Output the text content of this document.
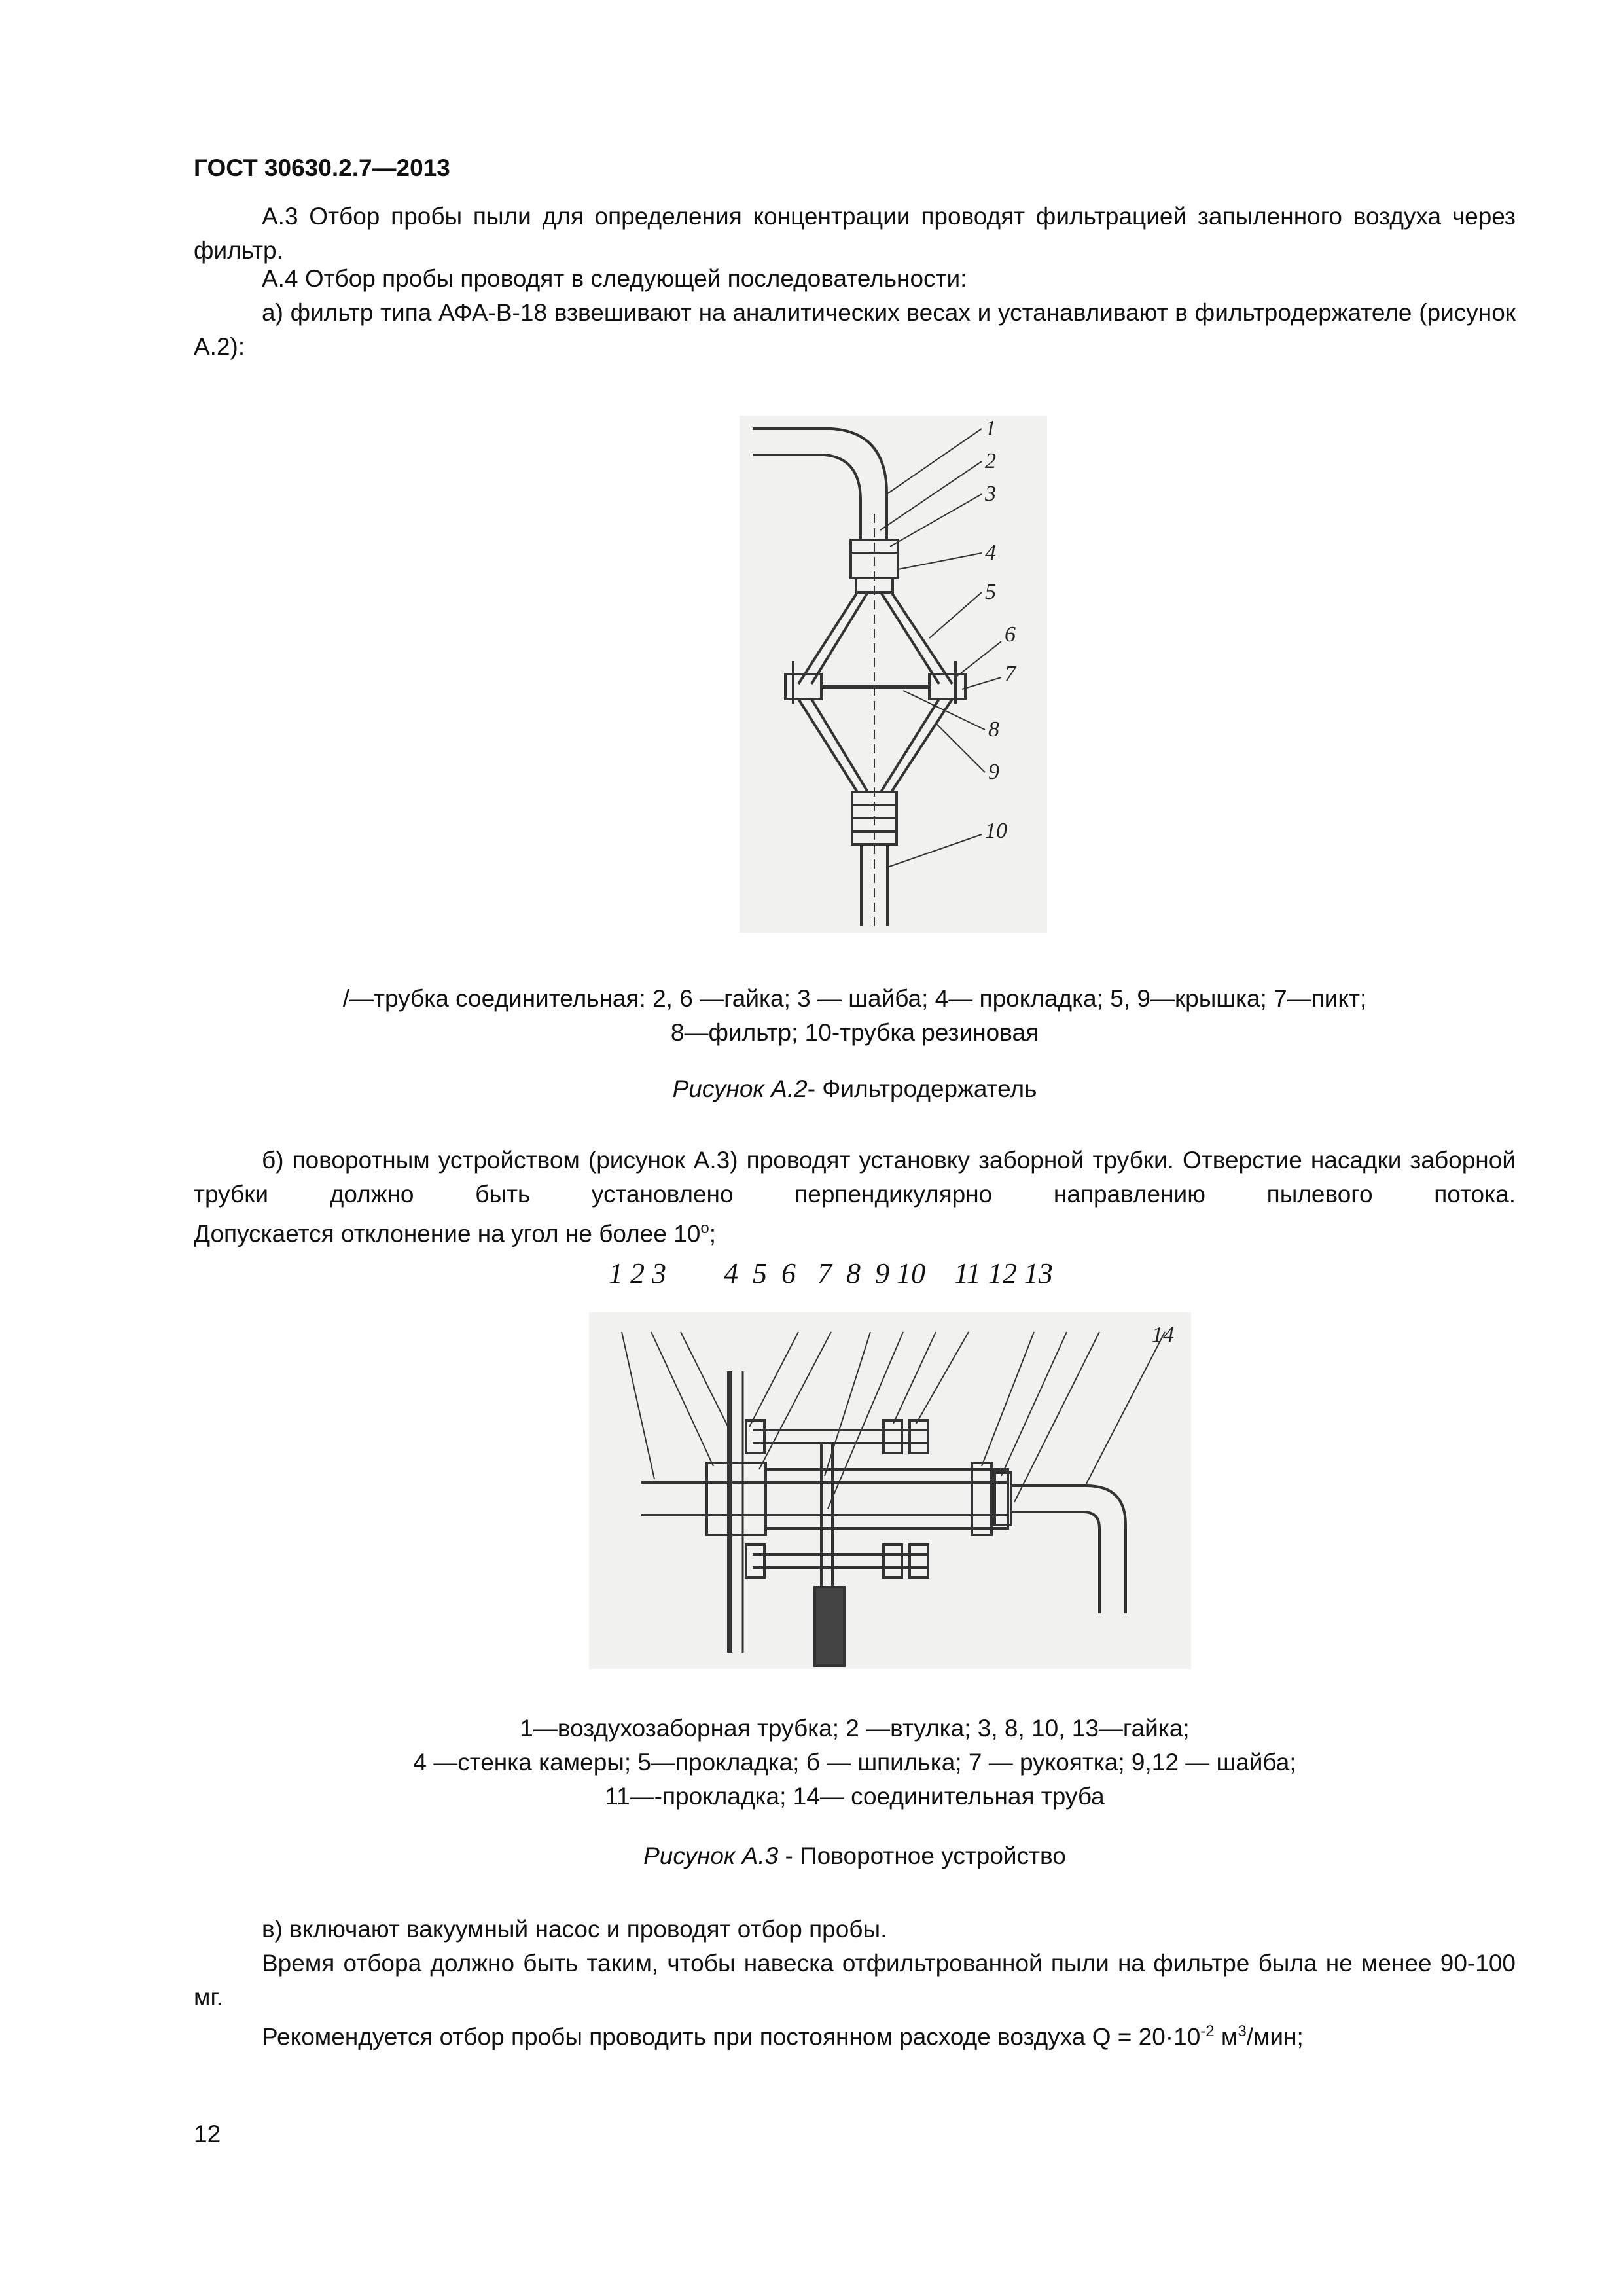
ГОСТ 30630.2.7—2013

А.3 Отбор пробы пыли для определения концентрации проводят фильтрацией запыленного воздуха через фильтр.

А.4 Отбор пробы проводят в следующей последовательности:

а) фильтр типа АФА-В-18 взвешивают на аналитических весах и устанавливают в фильтродержателе (рисунок А.2):

1
2
3
4
5
6
7
8
9
10
/—трубка соединительная: 2, 6 —гайка; 3 — шайба; 4— прокладка; 5, 9—крышка; 7—пикт;
8—фильтр; 10-трубка резиновая
Рисунок А.2- Фильтродержатель

б) поворотным устройством (рисунок А.3) проводят установку заборной трубки. Отверстие насадки заборной трубки должно быть установлено перпендикулярно направлению пылевого потока.

Допускается отклонение на угол не более $10^о$;

1 2 3        4  5  6   7  8  9 10    11 12 13
14
1—воздухозаборная трубка; 2 —втулка; 3, 8, 10, 13—гайка;
4 —стенка камеры; 5—прокладка; б — шпилька; 7 — рукоятка; 9,12 — шайба;
11—-прокладка; 14— соединительная труба
Рисунок А.3 - Поворотное устройство

в) включают вакуумный насос и проводят отбор пробы.

Время отбора должно быть таким, чтобы навеска отфильтрованной пыли на фильтре была не менее 90-100 мг.

Рекомендуется отбор пробы проводить при постоянном расходе воздуха $Q = 20\cdot 10^{-2}$ $м^3$/мин;

12
